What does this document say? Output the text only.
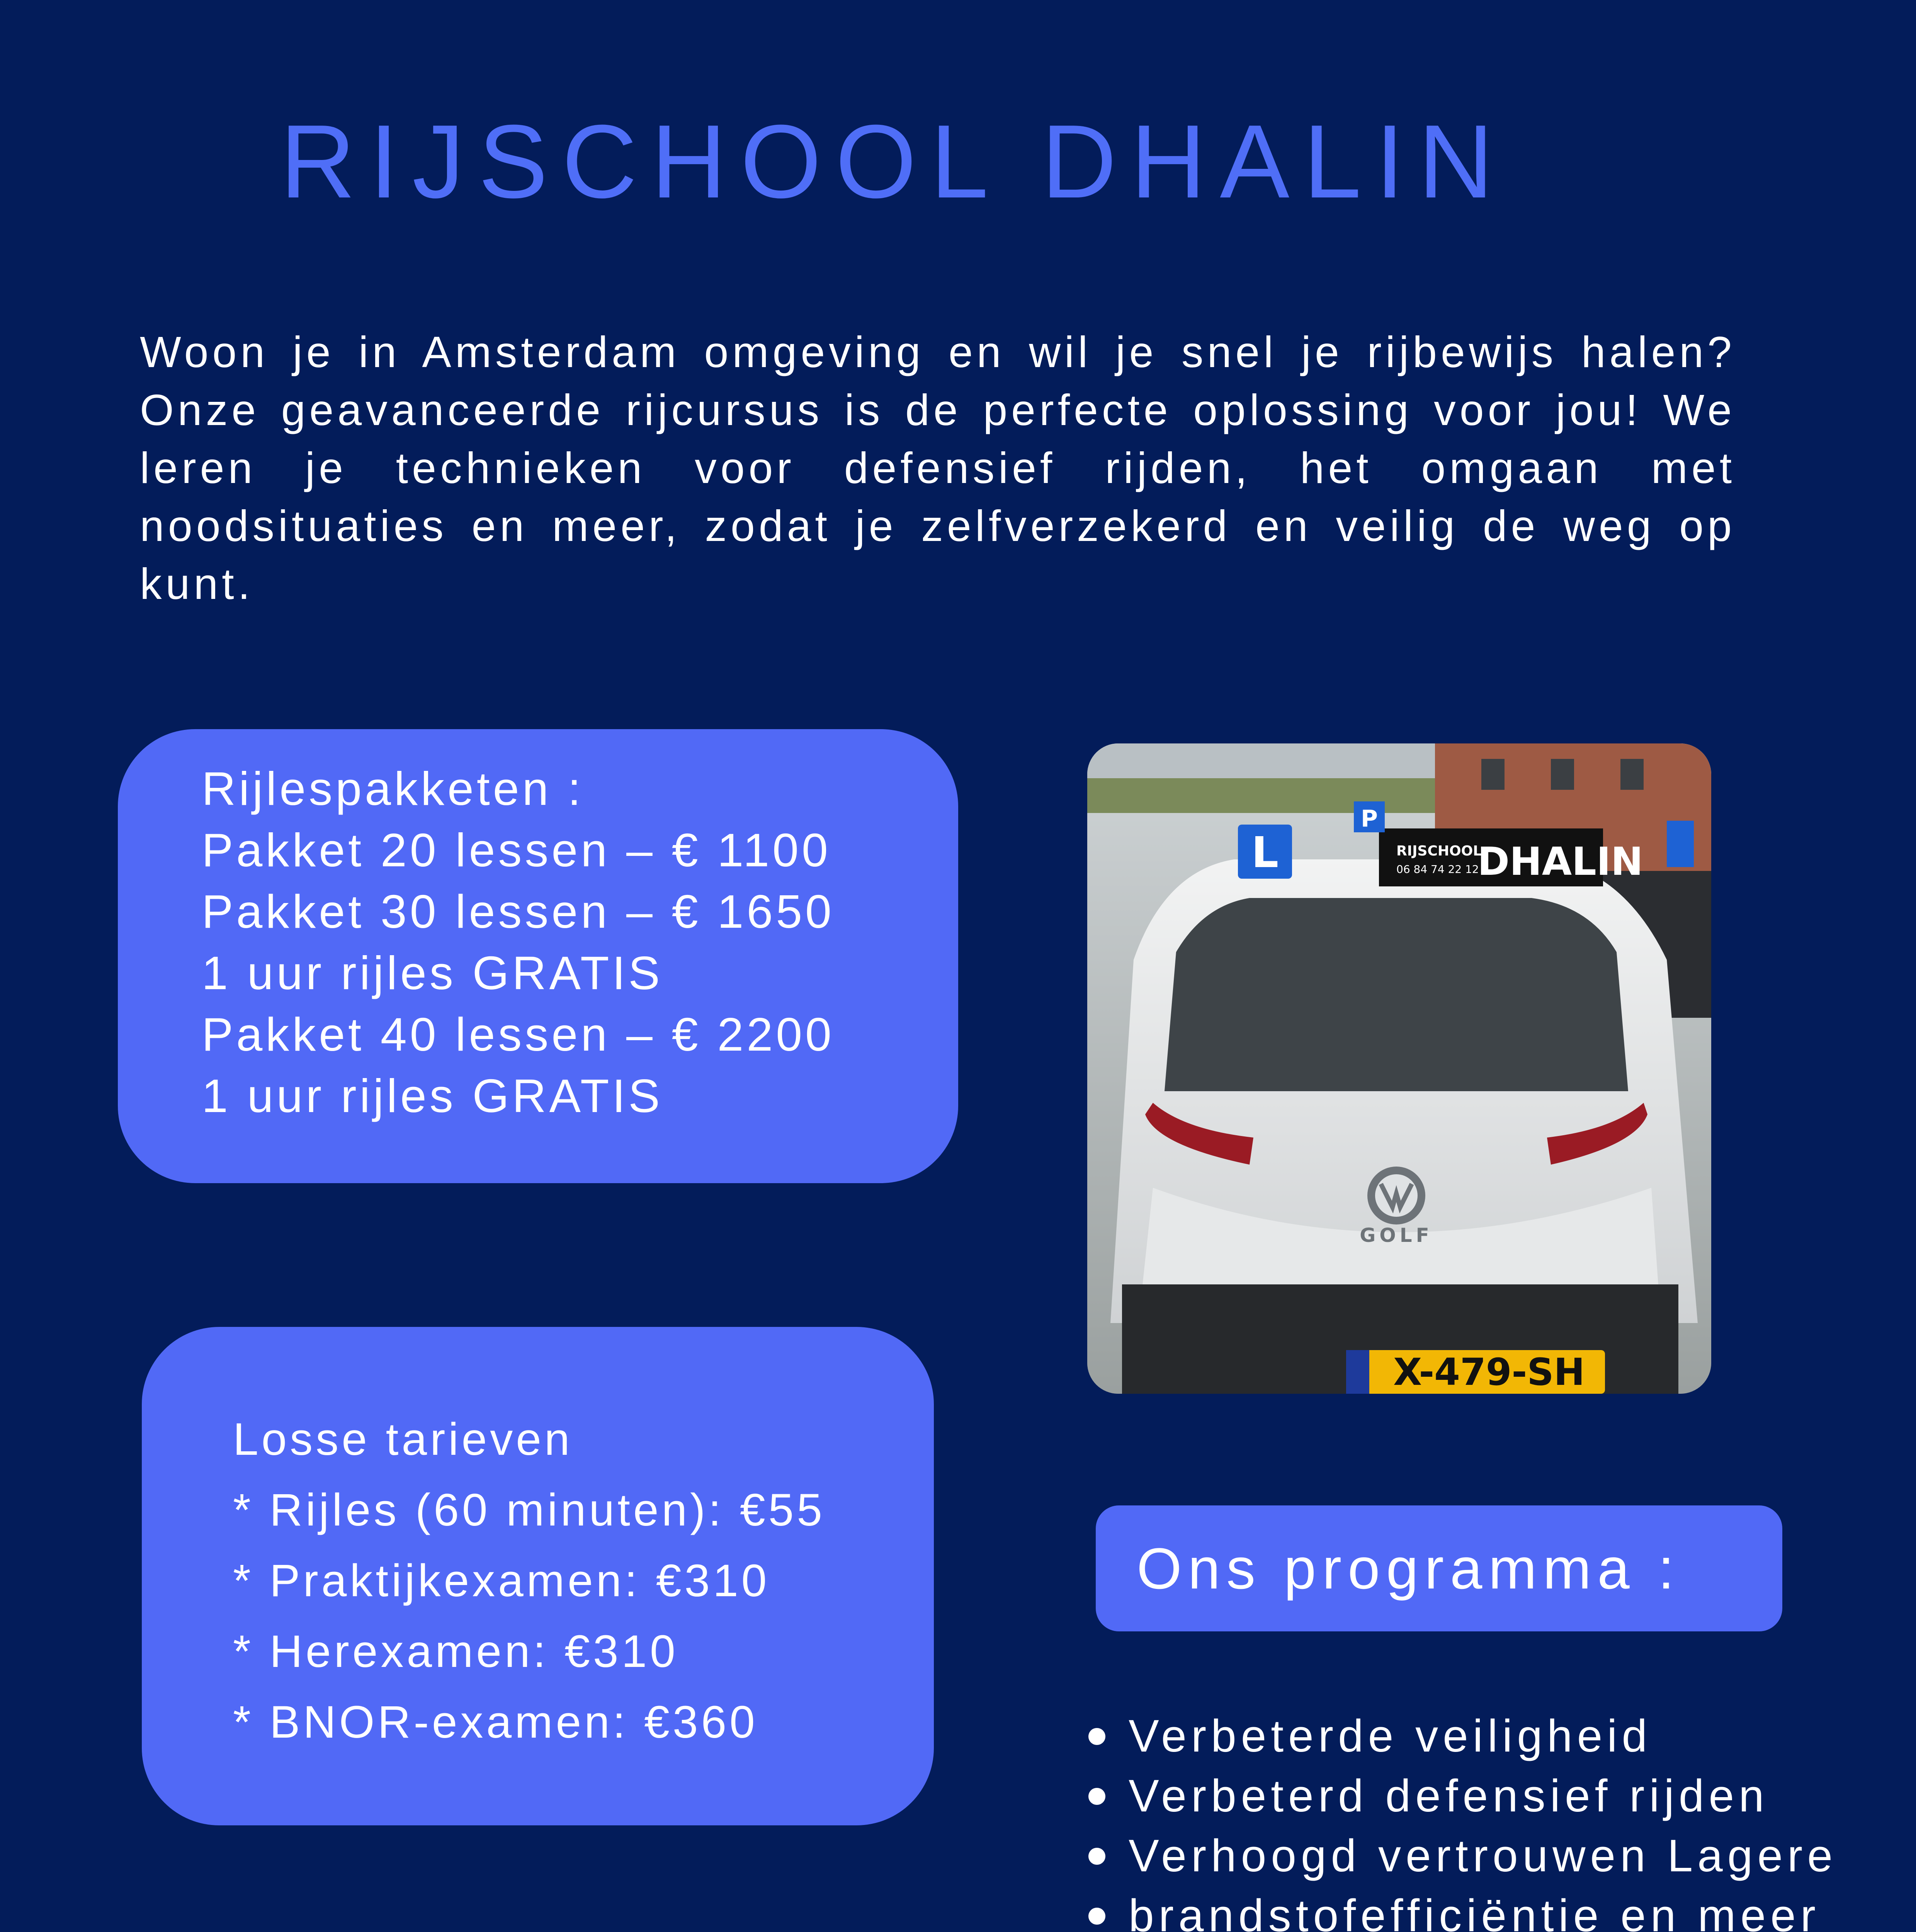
RIJSCHOOL DHALIN

Woon je in Amsterdam omgeving en wil je snel je rijbewijs halen? Onze geavanceerde rijcursus is de perfecte oplossing voor jou! We leren je technieken voor defensief rijden, het omgaan met noodsituaties en meer, zodat je zelfverzekerd en veilig de weg op kunt.

Rijlespakketen :

Pakket 20 lessen – € 1100

Pakket 30 lessen – € 1650

1 uur rijles GRATIS

Pakket 40 lessen – € 2200

1 uur rijles GRATIS

Losse tarieven

* Rijles (60 minuten): €55

* Praktijkexamen: €310

* Herexamen: €310

* BNOR-examen: €360

GOLF
X-479-SH
L	RIJSCHOOL
06 84 74 22 12
DHALIN
P
Ons programma :
Verbeterde veiligheid
Verbeterd defensief rijden
Verhoogd vertrouwen Lagere
brandstofefficiëntie en meer
